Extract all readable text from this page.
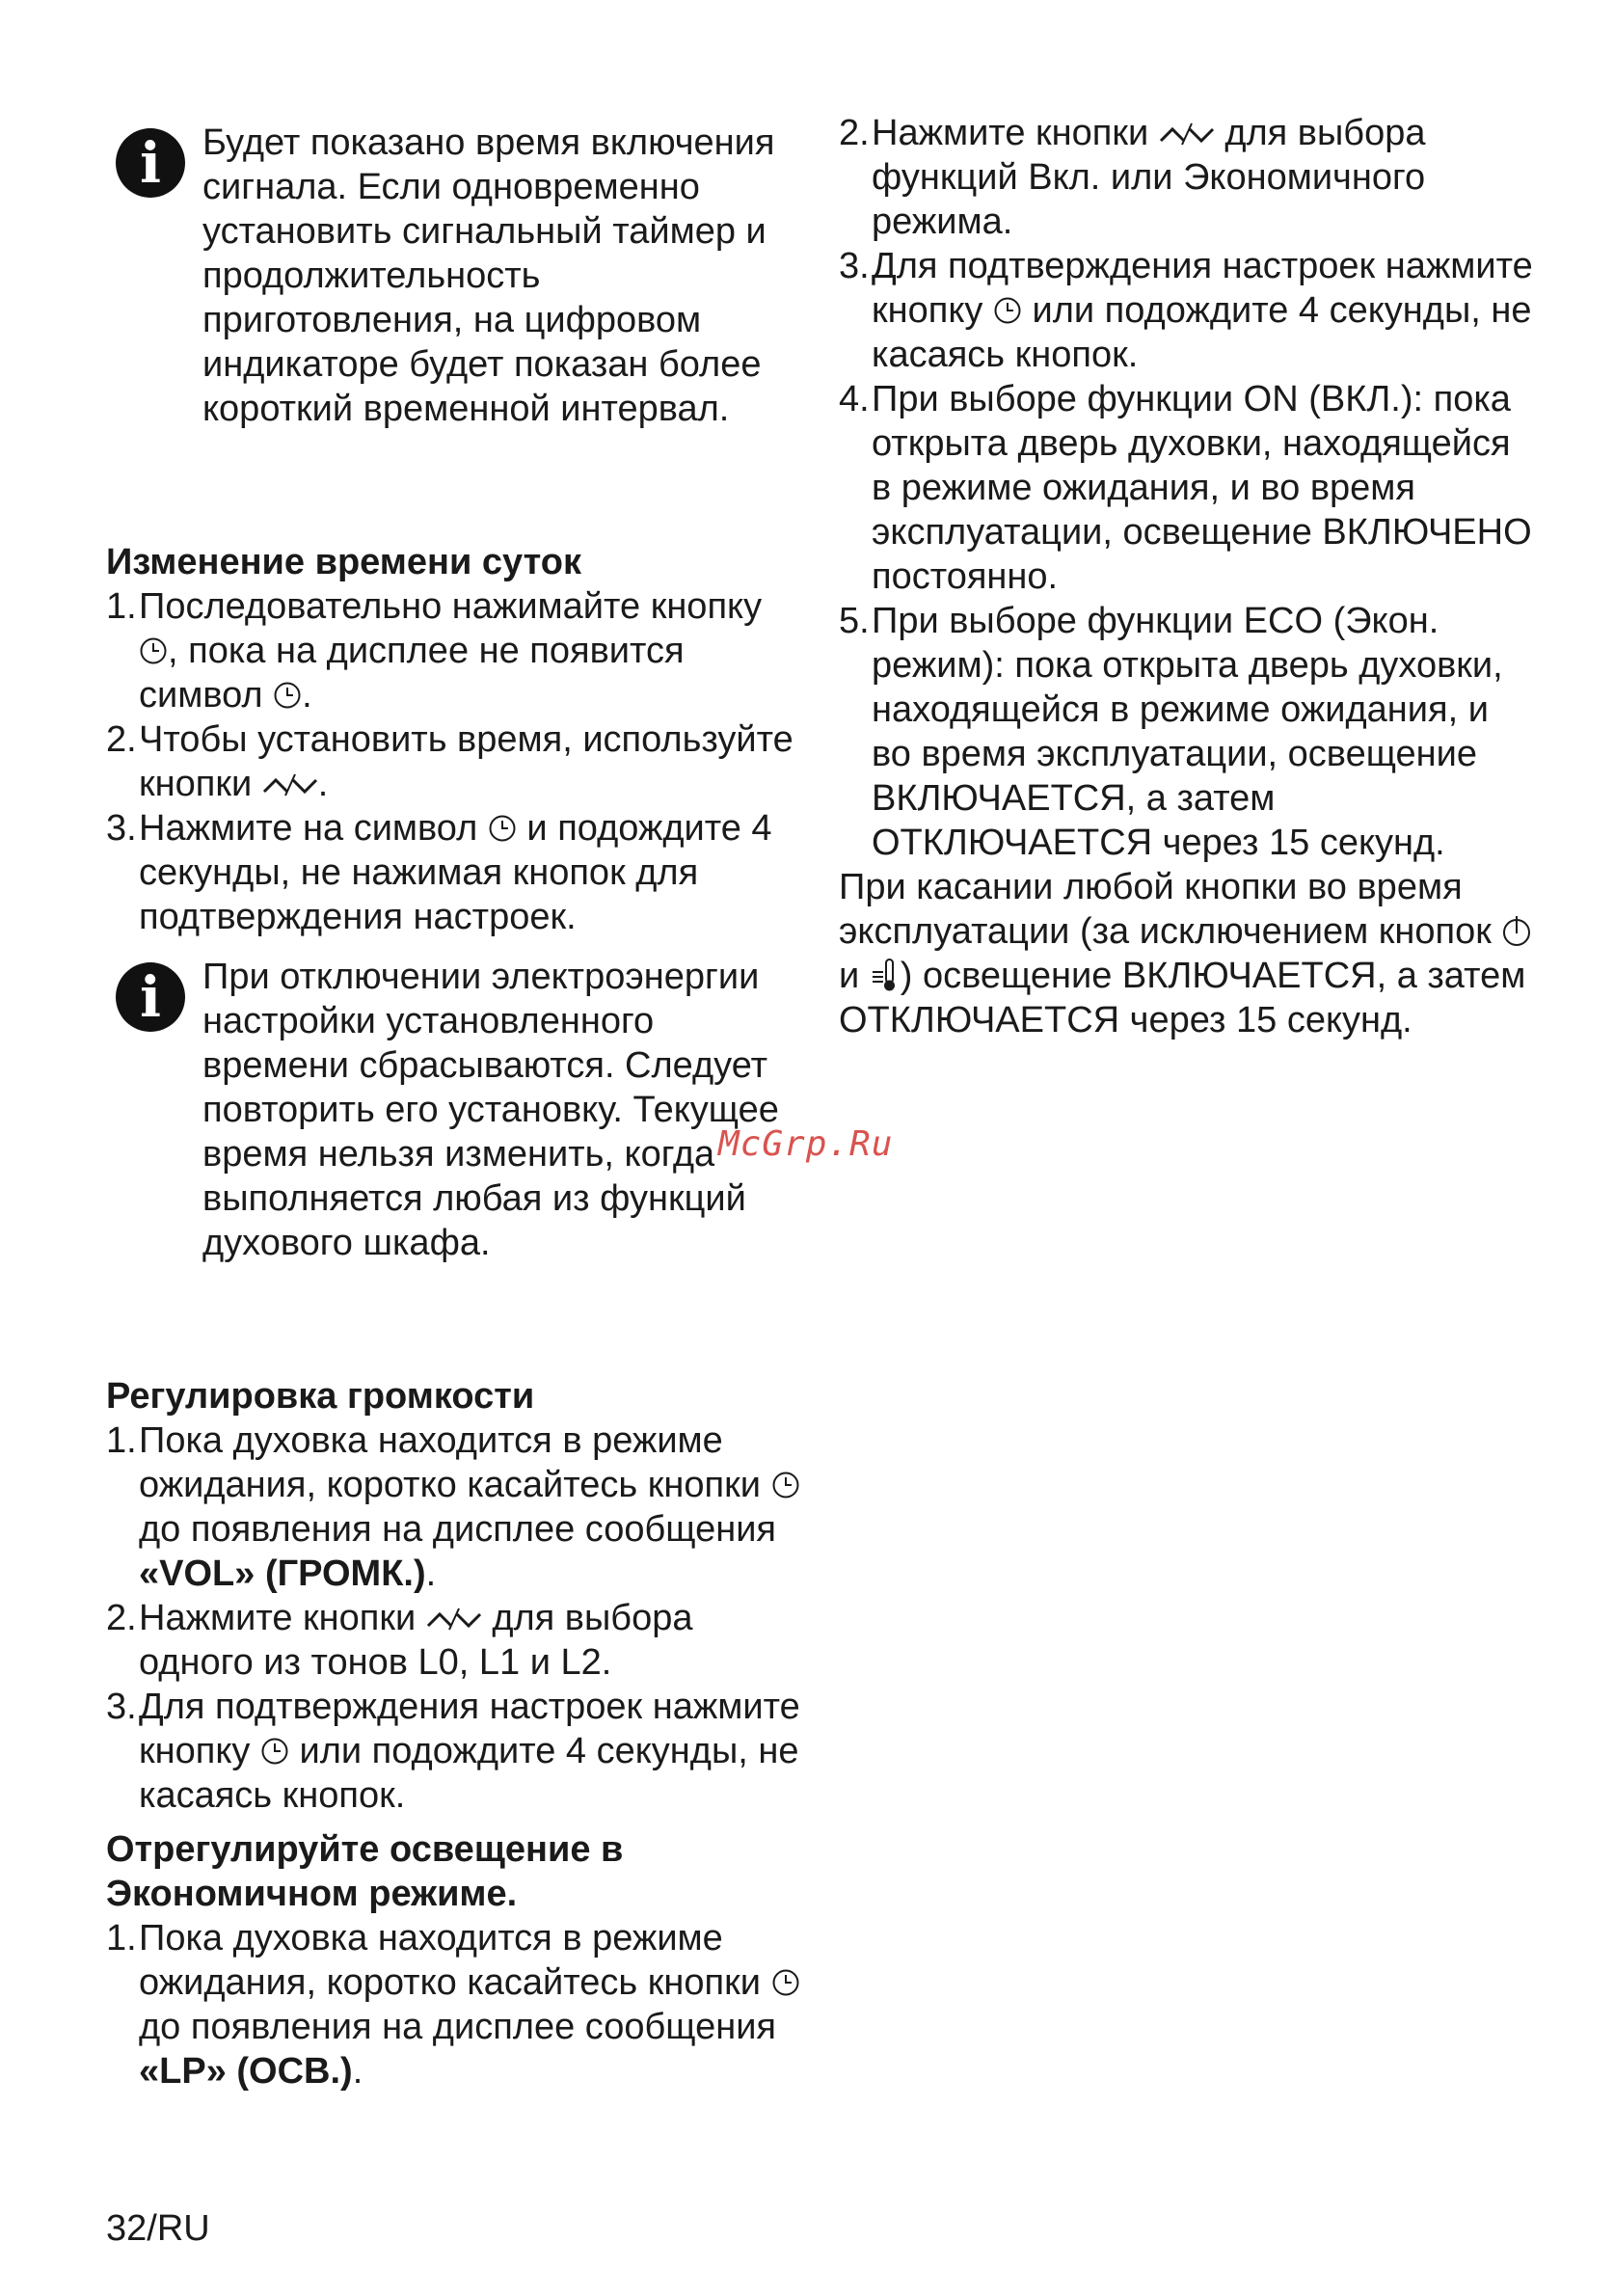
i	Будет показано время включения сигнала. Если одновременно установить сигнальный таймер и продолжительность приготовления, на цифровом индикаторе будет показан более короткий временной интервал.
Изменение времени суток
1. Последовательно нажимайте кнопку , пока на дисплее не появится символ .
2. Чтобы установить время, используйте кнопки .
3. Нажмите на символ и подождите 4 секунды, не нажимая кнопок для подтверждения настроек.
i	При отключении электроэнергии настройки установленного времени сбрасываются. Следует повторить его установку. Текущее время нельзя изменить, когда выполняется любая из функций духового шкафа.
Регулировка громкости
1. Пока духовка находится в режиме ожидания, коротко касайтесь кнопки  до появления на дисплее сообщения «VOL» (ГРОМК.).
2. Нажмите кнопки для выбора одного из тонов L0, L1 и L2.
3. Для подтверждения настроек нажмите кнопку или подождите 4 секунды, не касаясь кнопок.
Отрегулируйте освещение в
Экономичном режиме.
1. Пока духовка находится в режиме ожидания, коротко касайтесь кнопки  до появления на дисплее сообщения «LP» (ОСВ.).
32/RU
2. Нажмите кнопки для выбора функций Вкл. или Экономичного режима.
3. Для подтверждения настроек нажмите кнопку или подождите 4 секунды, не касаясь кнопок.
4. При выборе функции ON (ВКЛ.): пока открыта дверь духовки, находящейся в режиме ожидания, и во время эксплуатации, освещение ВКЛЮЧЕНО постоянно.
5. При выборе функции ECO (Экон. режим): пока открыта дверь духовки, находящейся в режиме ожидания, и во время эксплуатации, освещение ВКЛЮЧАЕТСЯ, а затем ОТКЛЮЧАЕТСЯ через 15 секунд.
При касании любой кнопки во время эксплуатации (за исключением кнопок  и ) освещение ВКЛЮЧАЕТСЯ, а затем ОТКЛЮЧАЕТСЯ через 15 секунд.
McGrp.Ru
